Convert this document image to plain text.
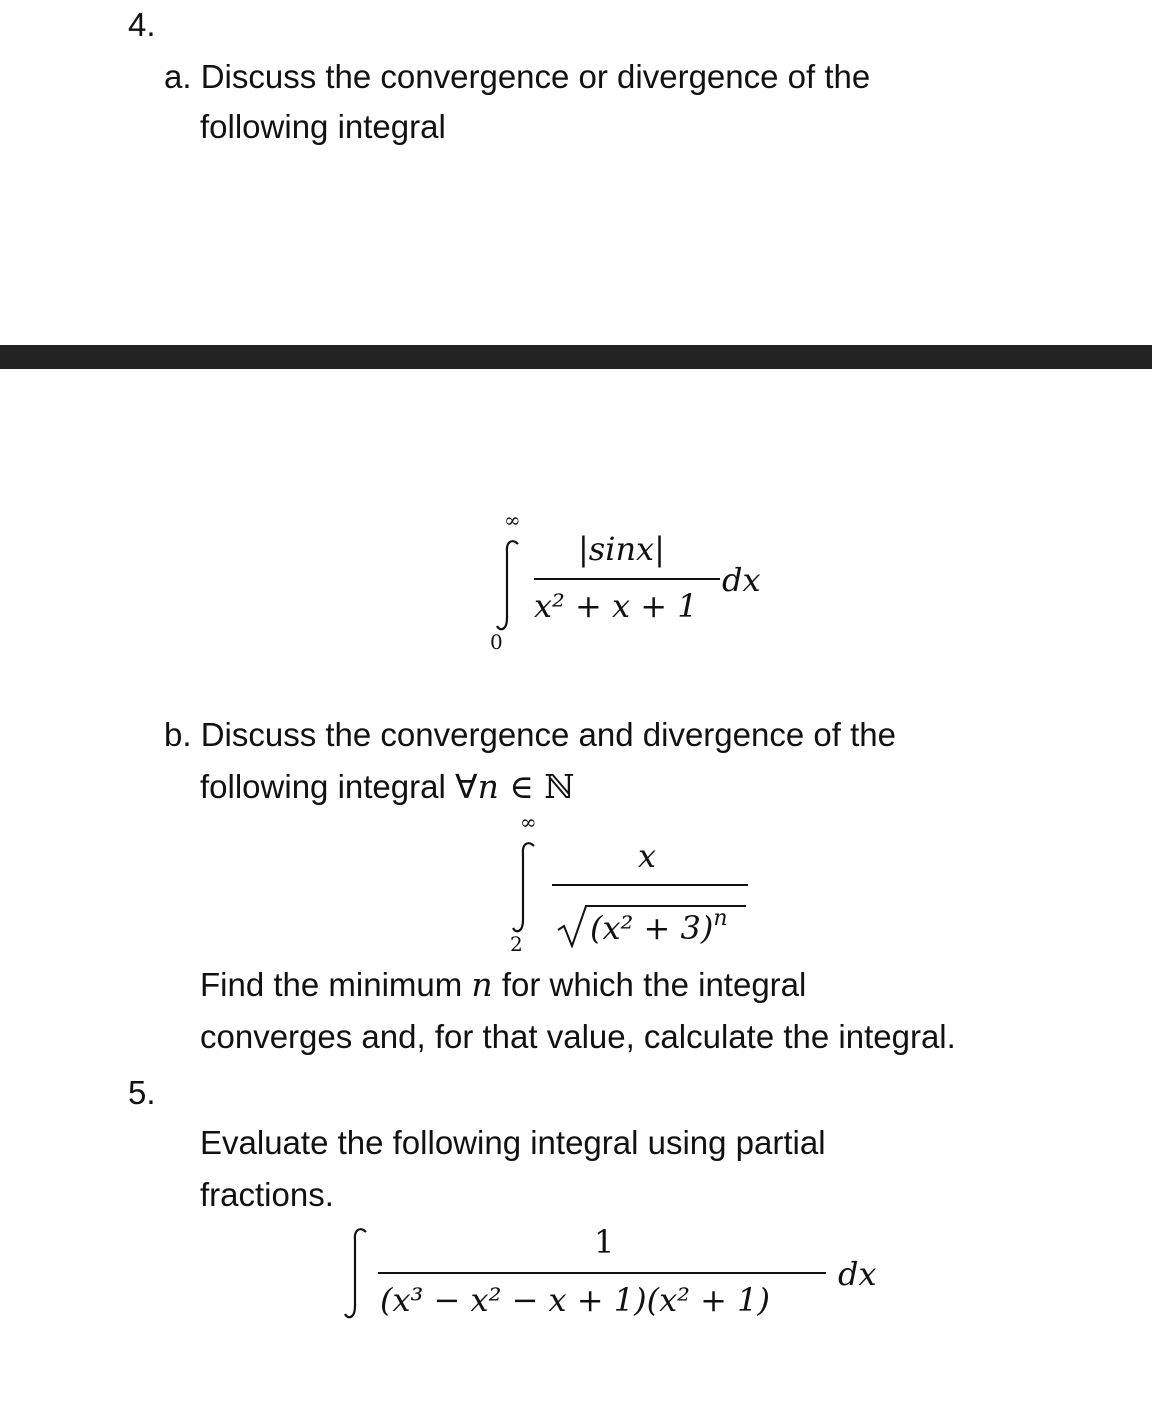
4.
a. Discuss the convergence or divergence of the
following integral
∞
0
|sinx|
x² + x + 1
dx
b. Discuss the convergence and divergence of the
following integral ∀n ∈ ℕ
∞
2
x
$(x^2 + 3)^n$
Find the minimum n for which the integral
converges and, for that value, calculate the integral.
5.
Evaluate the following integral using partial
fractions.
1
(x³ − x² − x + 1)(x² + 1)
dx
